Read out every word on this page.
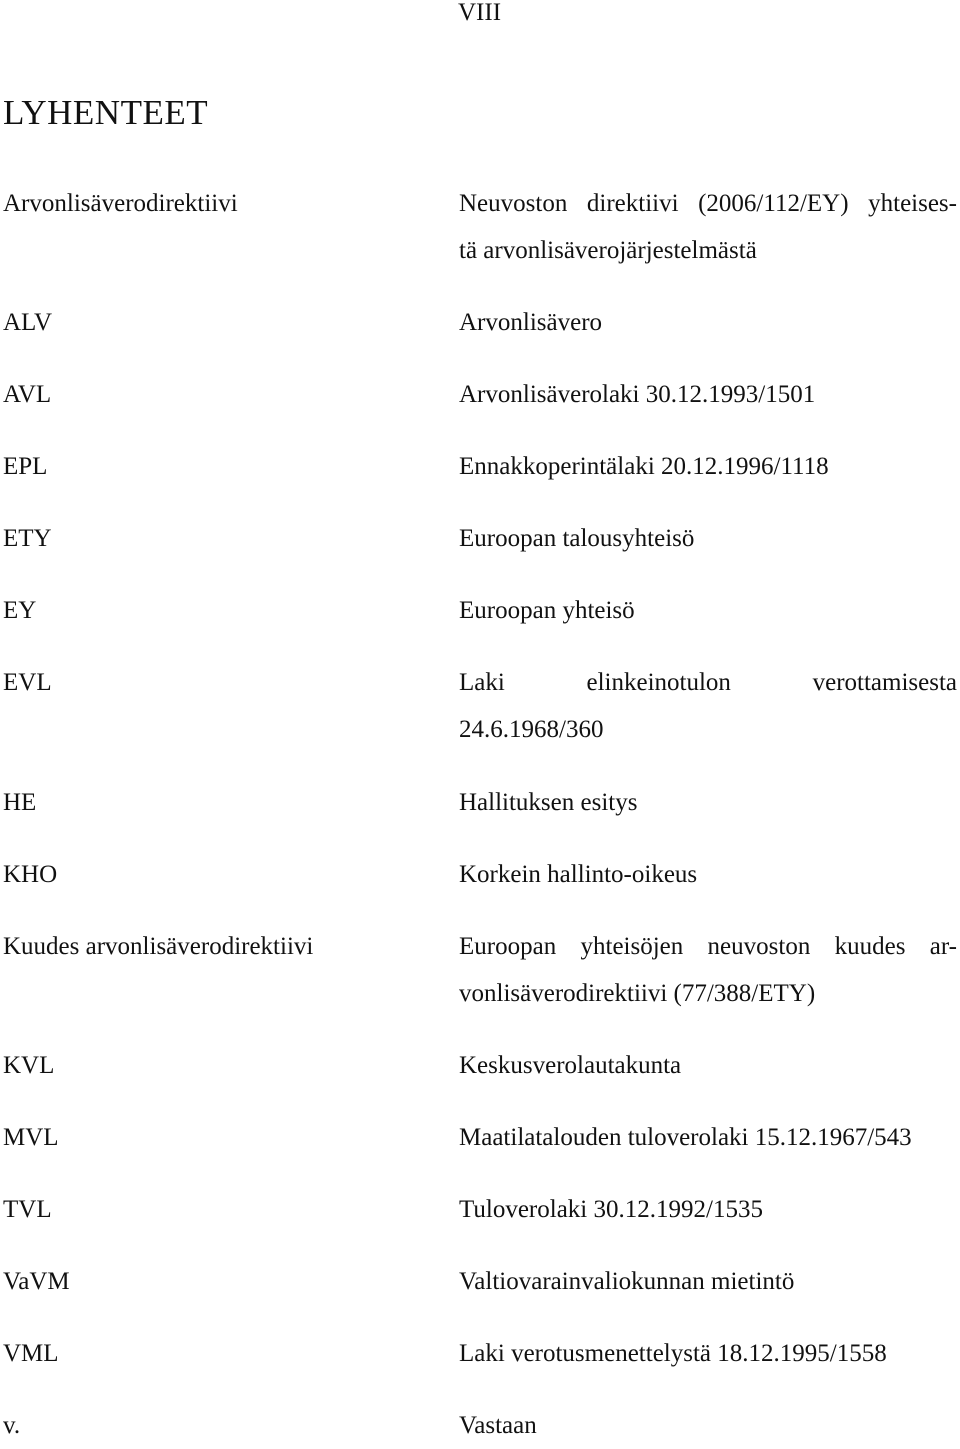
VIII
LYHENTEET
Arvonlisäverodirektiivi	Neuvoston direktiivi (2006/112/EY) yhteises-
tä arvonlisäverojärjestelmästä
ALV	Arvonlisävero
AVL	Arvonlisäverolaki 30.12.1993/1501
EPL	Ennakkoperintälaki 20.12.1996/1118
ETY	Euroopan talousyhteisö
EY	Euroopan yhteisö
EVL	Laki elinkeinotulon verottamisesta
24.6.1968/360
HE	Hallituksen esitys
KHO	Korkein hallinto-oikeus
Kuudes arvonlisäverodirektiivi	Euroopan yhteisöjen neuvoston kuudes ar-
vonlisäverodirektiivi (77/388/ETY)
KVL	Keskusverolautakunta
MVL	Maatilatalouden tuloverolaki 15.12.1967/543
TVL	Tuloverolaki 30.12.1992/1535
VaVM	Valtiovarainvaliokunnan mietintö
VML	Laki verotusmenettelystä 18.12.1995/1558
v.	Vastaan
